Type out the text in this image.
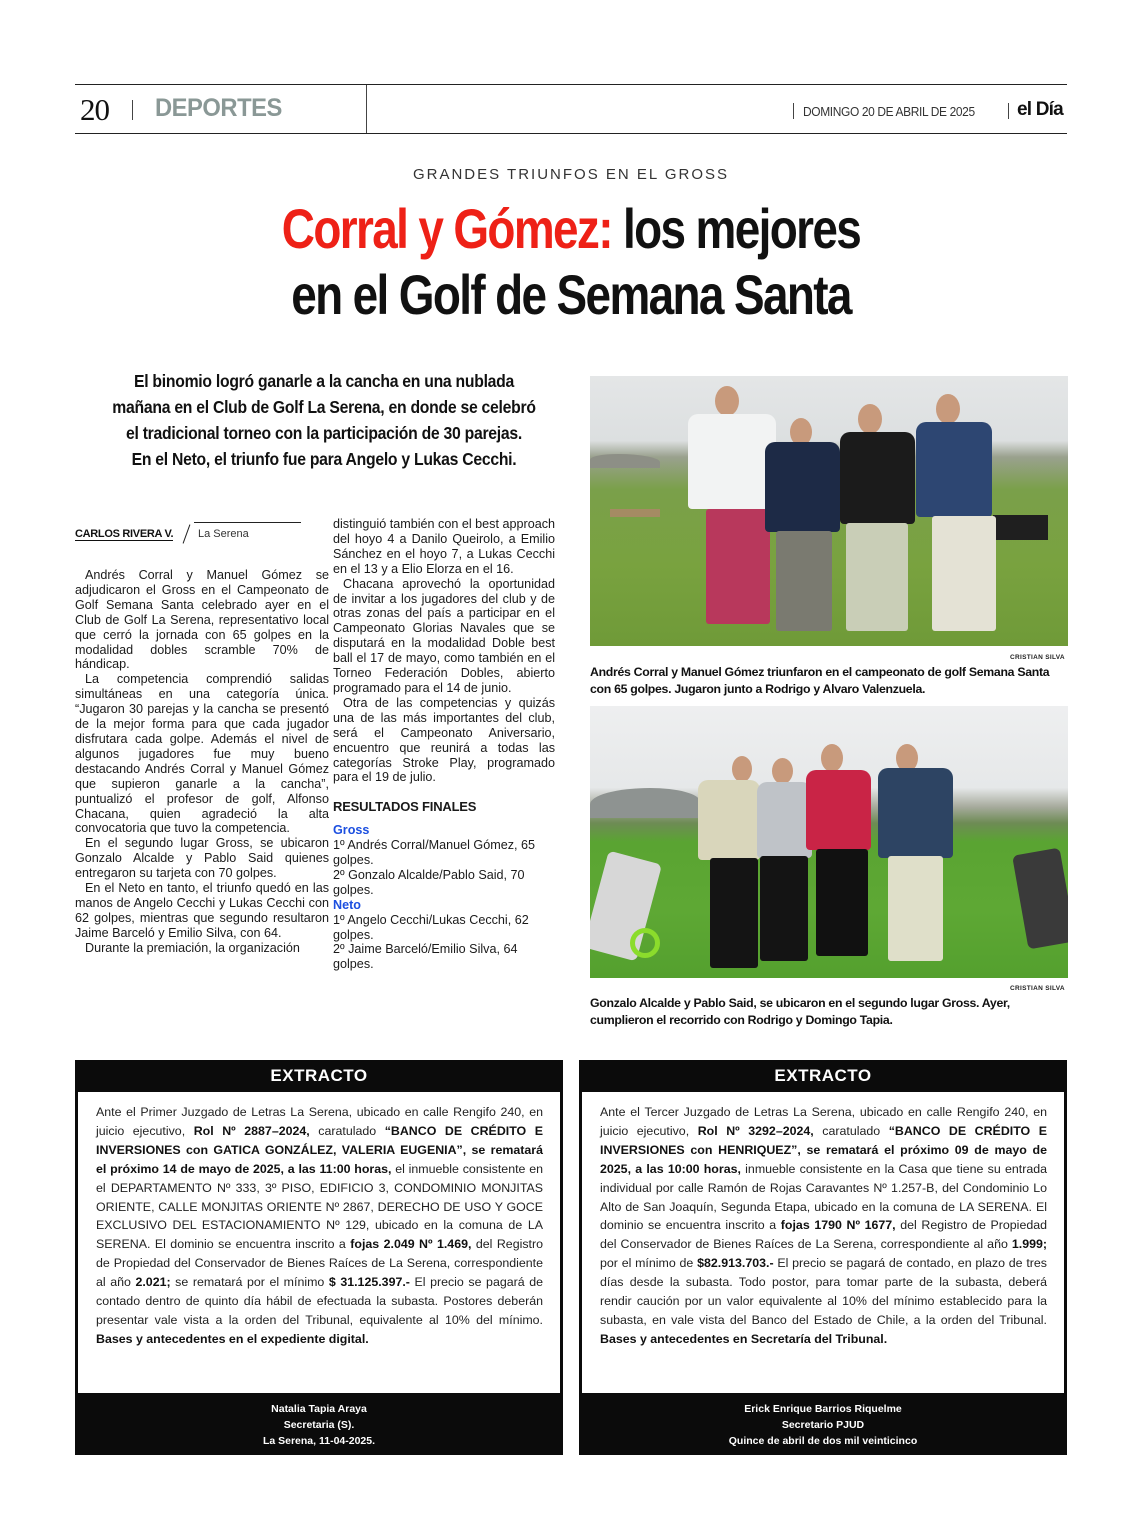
20 DEPORTES	DOMINGO 20 DE ABRIL DE 2025 el Día
GRANDES TRIUNFOS EN EL GROSS
Corral y Gómez: los mejores
en el Golf de Semana Santa
El binomio logró ganarle a la cancha en una nublada
mañana en el Club de Golf La Serena, en donde se celebró
el tradicional torneo con la participación de 30 parejas.
En el Neto, el triunfo fue para Angelo y Lukas Cecchi.
CARLOS RIVERA V. La Serena

Andrés Corral y Manuel Gómez se adjudicaron el Gross en el Campeonato de Golf Semana Santa celebrado ayer en el Club de Golf La Serena, representativo local que cerró la jornada con 65 golpes en la modalidad dobles scramble 70% de hándicap.

La competencia comprendió salidas simultáneas en una categoría única. “Jugaron 30 parejas y la cancha se presentó de la mejor forma para que cada jugador disfrutara cada golpe. Además el nivel de algunos jugadores fue muy bueno destacando Andrés Corral y Manuel Gómez que supieron ganarle a la cancha”, puntualizó el profesor de golf, Alfonso Chacana, quien agradeció la alta convocatoria que tuvo la competencia.

En el segundo lugar Gross, se ubicaron Gonzalo Alcalde y Pablo Said quienes entregaron su tarjeta con 70 golpes.

En el Neto en tanto, el triunfo quedó en las manos de Angelo Cecchi y Lukas Cecchi con 62 golpes, mientras que segundo resultaron Jaime Barceló y Emilio Silva, con 64.

Durante la premiación, la organización

distinguió también con el best approach del hoyo 4 a Danilo Queirolo, a Emilio Sánchez en el hoyo 7, a Lukas Cecchi en el 13 y a Elio Elorza en el 16.

Chacana aprovechó la oportunidad de invitar a los jugadores del club y de otras zonas del país a participar en el Campeonato Glorias Navales que se disputará en la modalidad Doble best ball el 17 de mayo, como también en el Torneo Federación Dobles, abierto programado para el 14 de junio.

Otra de las competencias y quizás una de las más importantes del club, será el Campeonato Aniversario, encuentro que reunirá a todas las categorías Stroke Play, programado para el 19 de julio.

RESULTADOS FINALES

Gross

1º Andrés Corral/Manuel Gómez, 65 golpes.

2º Gonzalo Alcalde/Pablo Said, 70 golpes.

Neto

1º Angelo Cecchi/Lukas Cecchi, 62 golpes.

2º Jaime Barceló/Emilio Silva, 64 golpes.

CRISTIAN SILVA
Andrés Corral y Manuel Gómez triunfaron en el campeonato de golf Semana Santa con 65 golpes. Jugaron junto a Rodrigo y Alvaro Valenzuela.
CRISTIAN SILVA
Gonzalo Alcalde y Pablo Said, se ubicaron en el segundo lugar Gross. Ayer, cumplieron el recorrido con Rodrigo y Domingo Tapia.
EXTRACTO
Ante el Primer Juzgado de Letras La Serena, ubicado en calle Rengifo 240, en juicio ejecutivo, Rol Nº 2887–2024, caratulado “BANCO DE CRÉDITO E INVERSIONES con GATICA GONZÁLEZ, VALERIA EUGENIA”, se rematará el próximo 14 de mayo de 2025, a las 11:00 horas, el inmueble consistente en el DEPARTAMENTO Nº 333, 3º PISO, EDIFICIO 3, CONDOMINIO MONJITAS ORIENTE, CALLE MONJITAS ORIENTE Nº 2867, DERECHO DE USO Y GOCE EXCLUSIVO DEL ESTACIONAMIENTO Nº 129, ubicado en la comuna de LA SERENA. El dominio se encuentra inscrito a fojas 2.049 Nº 1.469, del Registro de Propiedad del Conservador de Bienes Raíces de La Serena, correspondiente al año 2.021; se rematará por el mínimo $ 31.125.397.- El precio se pagará de contado dentro de quinto día hábil de efectuada la subasta. Postores deberán presentar vale vista a la orden del Tribunal, equivalente al 10% del mínimo. Bases y antecedentes en el expediente digital.
Natalia Tapia Araya
Secretaria (S).
La Serena, 11-04-2025.
EXTRACTO
Ante el Tercer Juzgado de Letras La Serena, ubicado en calle Rengifo 240, en juicio ejecutivo, Rol Nº 3292–2024, caratulado “BANCO DE CRÉDITO E INVERSIONES con HENRIQUEZ”, se rematará el próximo 09 de mayo de 2025, a las 10:00 horas, inmueble consistente en la Casa que tiene su entrada individual por calle Ramón de Rojas Caravantes Nº 1.257-B, del Condominio Lo Alto de San Joaquín, Segunda Etapa, ubicado en la comuna de LA SERENA. El dominio se encuentra inscrito a fojas 1790 Nº 1677, del Registro de Propiedad del Conservador de Bienes Raíces de La Serena, correspondiente al año 1.999; por el mínimo de $82.913.703.- El precio se pagará de contado, en plazo de tres días desde la subasta. Todo postor, para tomar parte de la subasta, deberá rendir caución por un valor equivalente al 10% del mínimo establecido para la subasta, en vale vista del Banco del Estado de Chile, a la orden del Tribunal. Bases y antecedentes en Secretaría del Tribunal.
Erick Enrique Barrios Riquelme
Secretario PJUD
Quince de abril de dos mil veinticinco
